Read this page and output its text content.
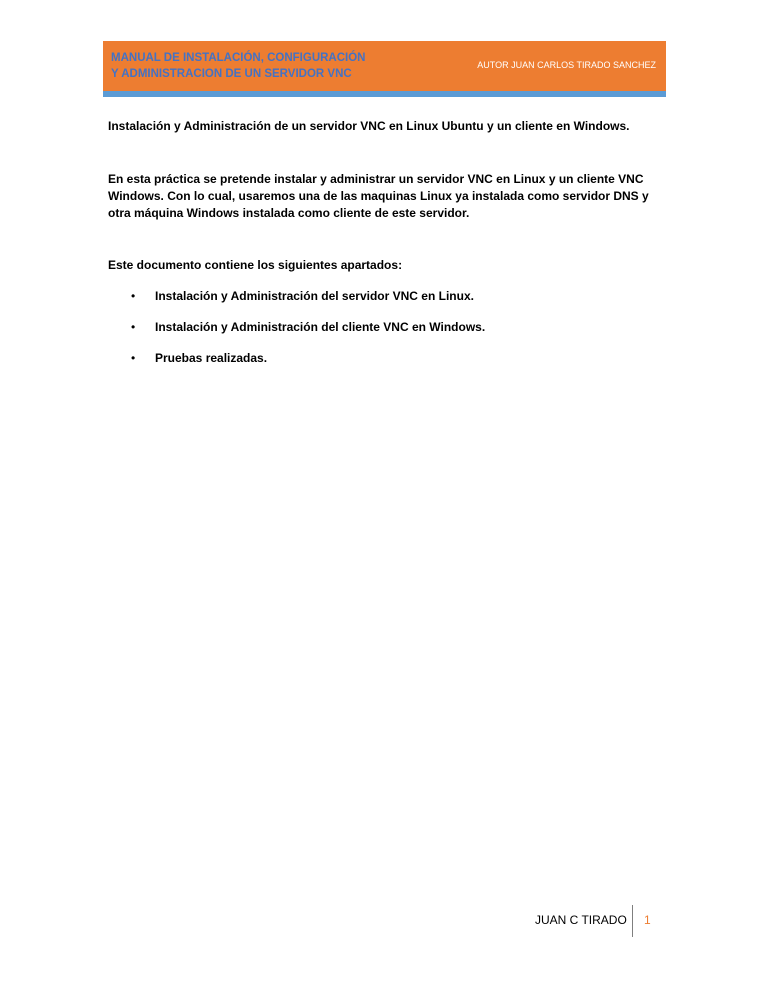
MANUAL DE INSTALACIÓN, CONFIGURACIÓN
Y ADMINISTRACION DE UN SERVIDOR VNC
AUTOR JUAN CARLOS TIRADO SANCHEZ

Instalación y Administración de un servidor VNC en Linux Ubuntu y un cliente en Windows.

En esta práctica se pretende instalar y administrar un servidor VNC en Linux y un cliente VNC Windows. Con lo cual, usaremos una de las maquinas Linux ya instalada como servidor DNS y otra máquina Windows instalada como cliente de este servidor.

Este documento contiene los siguientes apartados:

• Instalación y Administración del servidor VNC en Linux.
• Instalación y Administración del cliente VNC en Windows.
• Pruebas realizadas.
JUAN C TIRADO 1
